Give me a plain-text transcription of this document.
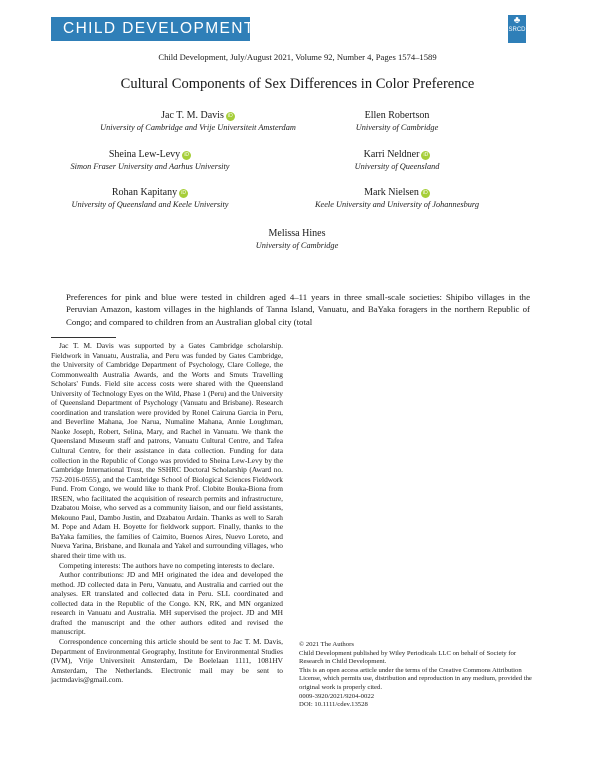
CHILD DEVELOPMENT	♣
SRCD
Child Development, July/August 2021, Volume 92, Number 4, Pages 1574–1589
Cultural Components of Sex Differences in Color Preference
Jac T. M. Davis iD
University of Cambridge and Vrije Universiteit Amsterdam
Ellen Robertson
University of Cambridge
Sheina Lew-Levy iD
Simon Fraser University and Aarhus University
Karri Neldner iD
University of Queensland
Rohan Kapitany iD
University of Queensland and Keele University
Mark Nielsen iD
Keele University and University of Johannesburg
Melissa Hines
University of Cambridge
Preferences for pink and blue were tested in children aged 4–11 years in three small-scale societies: Shipibo villages in the Peruvian Amazon, kastom villages in the highlands of Tanna Island, Vanuatu, and BaYaka foragers in the northern Republic of Congo; and compared to children from an Australian global city (total

Jac T. M. Davis was supported by a Gates Cambridge scholarship. Fieldwork in Vanuatu, Australia, and Peru was funded by Gates Cambridge, the University of Cambridge Department of Psychology, Clare College, the Commonwealth Australia Awards, and the Worts and Smuts Travelling Scholars' Funds. Field site access costs were shared with the Queensland University of Technology Eyes on the Wild, Phase 1 (Peru) and the University of Queensland Department of Psychology (Vanuatu and Brisbane). Research coordination and translation were provided by Ronel Cairuna Garcia in Peru, and Beverline Mahana, Joe Narua, Numaline Mahana, Annie Loughman, Naoke Joseph, Robert, Selina, Mary, and Rachel in Vanuatu. We thank the Queensland Museum staff and patrons, Vanuatu Cultural Centre, and Tafea Cultural Centre, for their assistance in data collection. Funding for data collection in the Republic of Congo was provided to Sheina Lew-Levy by the Cambridge International Trust, the SSHRC Doctoral Scholarship (Award no. 752-2016-0555), and the Cambridge School of Biological Sciences Fieldwork Fund. From Congo, we would like to thank Prof. Clobite Bouka-Biona from IRSEN, who facilitated the acquisition of research permits and infrastructure, Dzabatou Moise, who served as a community liaison, and our field assistants, Mekouno Paul, Dambo Justin, and Dzabatou Ardain. Thanks as well to Sarah M. Pope and Adam H. Boyette for fieldwork support. Finally, thanks to the BaYaka families, the families of Caimito, Buenos Aires, Nuevo Loreto, and Nueva Yarina, Brisbane, and Ikunala and Yakel and surrounding villages, who shared their time with us.

Competing interests: The authors have no competing interests to declare.

Author contributions: JD and MH originated the idea and developed the method. JD collected data in Peru, Vanuatu, and Australia and carried out the analyses. ER translated and collected data in Peru. SLL coordinated and collected data in the Republic of the Congo. KN, RK, and MN organized research in Vanuatu and Australia. MH supervised the project. JD and MH drafted the manuscript and the other authors edited and revised the manuscript.

Correspondence concerning this article should be sent to Jac T. M. Davis, Department of Environmental Geography, Institute for Environmental Studies (IVM), Vrije Universiteit Amsterdam, De Boelelaan 1111, 1081HV Amsterdam, The Netherlands. Electronic mail may be sent to jactmdavis@gmail.com.

© 2021 The Authors

Child Development published by Wiley Periodicals LLC on behalf of Society for Research in Child Development.

This is an open access article under the terms of the Creative Commons Attribution License, which permits use, distribution and reproduction in any medium, provided the original work is properly cited.

0009-3920/2021/9204-0022

DOI: 10.1111/cdev.13528
